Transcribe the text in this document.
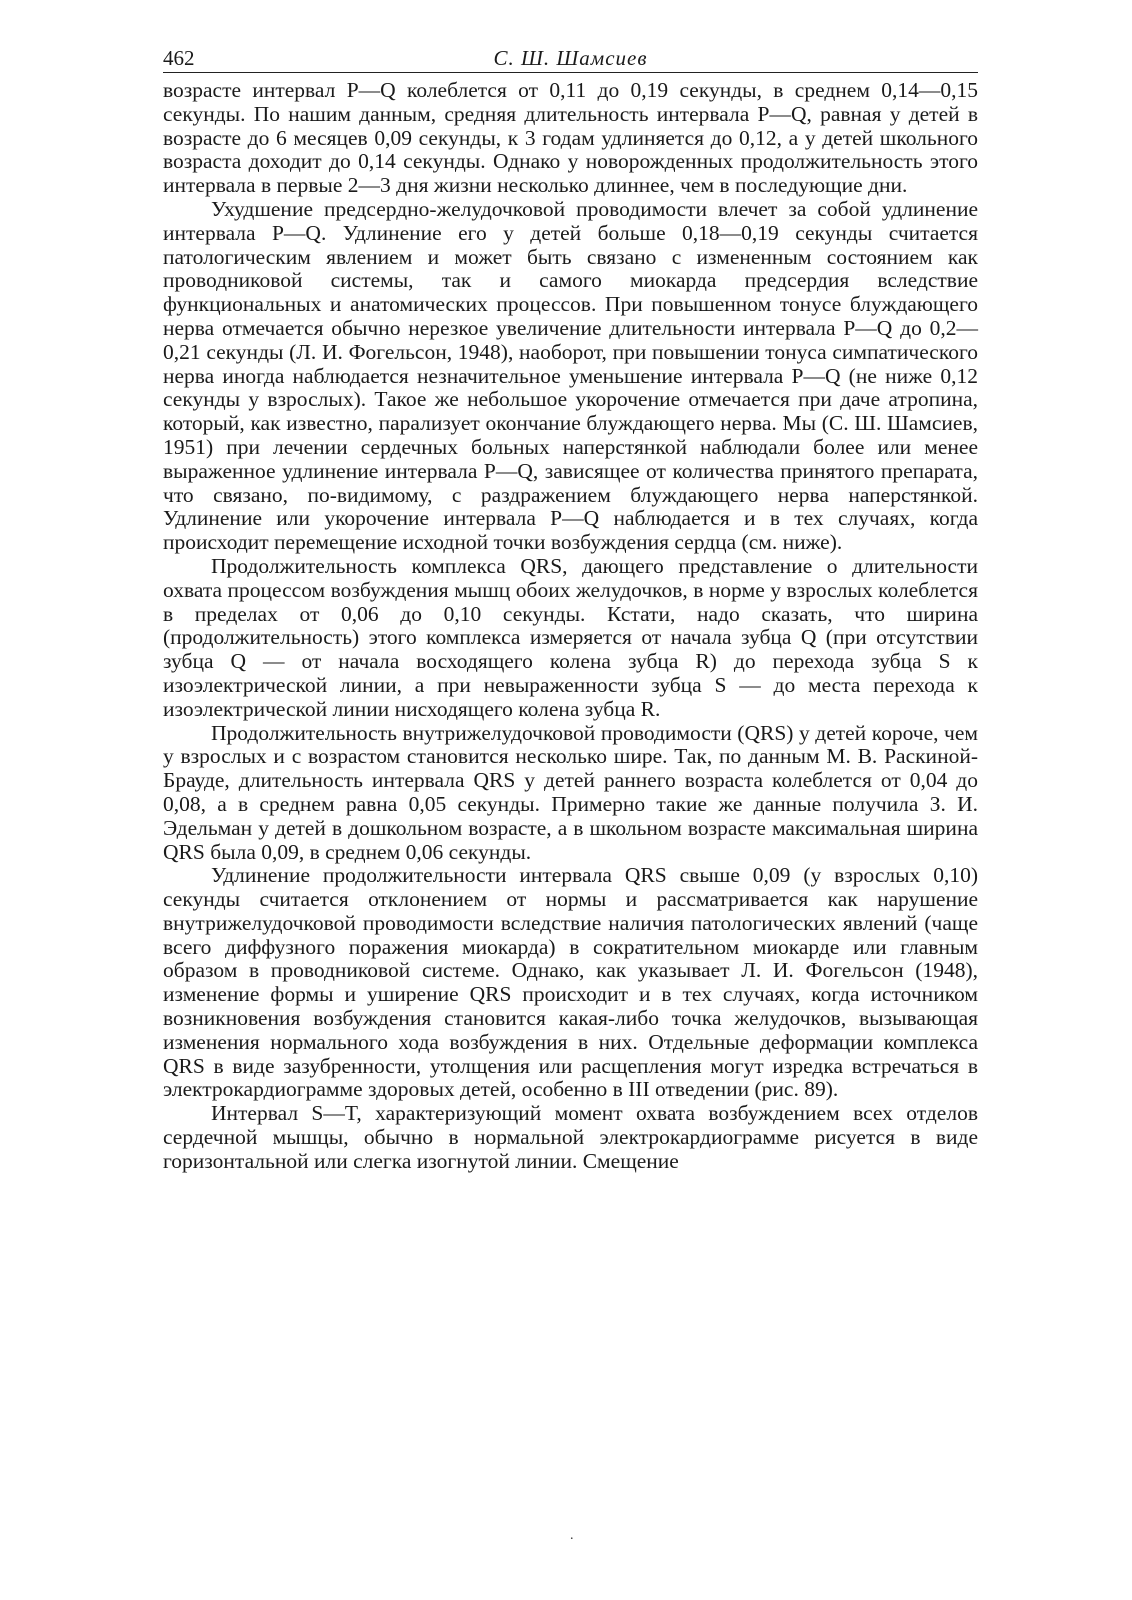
462	С. Ш. Шамсиев

возрасте интервал P—Q колеблется от 0,11 до 0,19 секунды, в среднем 0,14—0,15 секунды. По нашим данным, средняя длительность интервала P—Q, равная у детей в возрасте до 6 месяцев 0,09 секунды, к 3 годам удлиняется до 0,12, а у детей школьного возраста доходит до 0,14 секунды. Однако у новорожденных продолжительность этого интервала в первые 2—3 дня жизни несколько длиннее, чем в последующие дни.

Ухудшение предсердно-желудочковой проводимости влечет за собой удлинение интервала P—Q. Удлинение его у детей больше 0,18—0,19 секунды считается патологическим явлением и может быть связано с измененным состоянием как проводниковой системы, так и самого миокарда предсердия вследствие функциональных и анатомических процессов. При повышенном тонусе блуждающего нерва отмечается обычно нерезкое увеличение длительности интервала P—Q до 0,2—0,21 секунды (Л. И. Фогельсон, 1948), наоборот, при повышении тонуса симпатического нерва иногда наблюдается незначительное уменьшение интервала P—Q (не ниже 0,12 секунды у взрослых). Такое же небольшое укорочение отмечается при даче атропина, который, как известно, парализует окончание блуждающего нерва. Мы (С. Ш. Шамсиев, 1951) при лечении сердечных больных наперстянкой наблюдали более или менее выраженное удлинение интервала P—Q, зависящее от количества принятого препарата, что связано, по-видимому, с раздражением блуждающего нерва наперстянкой. Удлинение или укорочение интервала P—Q наблюдается и в тех случаях, когда происходит перемещение исходной точки возбуждения сердца (см. ниже).

Продолжительность комплекса QRS, дающего представление о длительности охвата процессом возбуждения мышц обоих желудочков, в норме у взрослых колеблется в пределах от 0,06 до 0,10 секунды. Кстати, надо сказать, что ширина (продолжительность) этого комплекса измеряется от начала зубца Q (при отсутствии зубца Q — от начала восходящего колена зубца R) до перехода зубца S к изоэлектрической линии, а при невыраженности зубца S — до места перехода к изоэлектрической линии нисходящего колена зубца R.

Продолжительность внутрижелудочковой проводимости (QRS) у детей короче, чем у взрослых и с возрастом становится несколько шире. Так, по данным М. В. Раскиной-Брауде, длительность интервала QRS у детей раннего возраста колеблется от 0,04 до 0,08, а в среднем равна 0,05 секунды. Примерно такие же данные получила З. И. Эдельман у детей в дошкольном возрасте, а в школьном возрасте максимальная ширина QRS была 0,09, в среднем 0,06 секунды.

Удлинение продолжительности интервала QRS свыше 0,09 (у взрослых 0,10) секунды считается отклонением от нормы и рассматривается как нарушение внутрижелудочковой проводимости вследствие наличия патологических явлений (чаще всего диффузного поражения миокарда) в сократительном миокарде или главным образом в проводниковой системе. Однако, как указывает Л. И. Фогельсон (1948), изменение формы и уширение QRS происходит и в тех случаях, когда источником возникновения возбуждения становится какая-либо точка желудочков, вызывающая изменения нормального хода возбуждения в них. Отдельные деформации комплекса QRS в виде зазубренности, утолщения или расщепления могут изредка встречаться в электрокардиограмме здоровых детей, особенно в III отведении (рис. 89).

Интервал S—T, характеризующий момент охвата возбуждением всех отделов сердечной мышцы, обычно в нормальной электрокардиограмме рисуется в виде горизонтальной или слегка изогнутой линии. Смещение

.
